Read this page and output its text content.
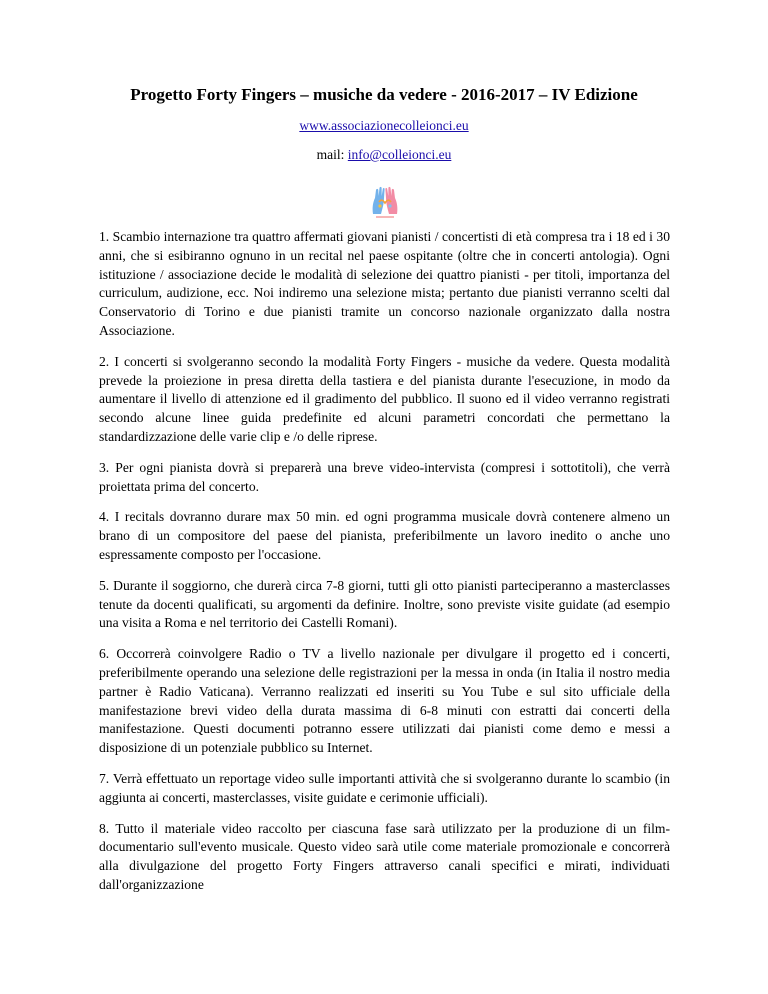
Progetto Forty Fingers – musiche da vedere - 2016-2017 – IV Edizione
www.associazionecolleionci.eu
mail: info@colleionci.eu

1. Scambio internazione tra quattro affermati giovani pianisti / concertisti di età compresa tra i 18 ed i 30 anni, che si esibiranno ognuno in un recital nel paese ospitante (oltre che in concerti antologia). Ogni istituzione / associazione decide le modalità di selezione dei quattro pianisti - per titoli, importanza del curriculum, audizione, ecc. Noi indiremo una selezione mista; pertanto due pianisti verranno scelti dal Conservatorio di Torino e due pianisti tramite un concorso nazionale organizzato dalla nostra Associazione.

2. I concerti si svolgeranno secondo la modalità Forty Fingers - musiche da vedere. Questa modalità prevede la proiezione in presa diretta della tastiera e del pianista durante l'esecuzione, in modo da aumentare il livello di attenzione ed il gradimento del pubblico. Il suono ed il video verranno registrati secondo alcune linee guida predefinite ed alcuni parametri concordati che permettano la standardizzazione delle varie clip e /o delle riprese.

3. Per ogni pianista dovrà si preparerà una breve video-intervista (compresi i sottotitoli), che verrà proiettata prima del concerto.

4. I recitals dovranno durare max 50 min. ed ogni programma musicale dovrà contenere almeno un brano di un compositore del paese del pianista, preferibilmente un lavoro inedito o anche uno espressamente composto per l'occasione.

5. Durante il soggiorno, che durerà circa 7-8 giorni, tutti gli otto pianisti parteciperanno a masterclasses tenute da docenti qualificati, su argomenti da definire. Inoltre, sono previste visite guidate (ad esempio una visita a Roma e nel territorio dei Castelli Romani).

6. Occorrerà coinvolgere Radio o TV a livello nazionale per divulgare il progetto ed i concerti, preferibilmente operando una selezione delle registrazioni per la messa in onda (in Italia il nostro media partner è Radio Vaticana). Verranno realizzati ed inseriti su You Tube e sul sito ufficiale della manifestazione brevi video della durata massima di 6-8 minuti con estratti dai concerti della manifestazione. Questi documenti potranno essere utilizzati dai pianisti come demo e messi a disposizione di un potenziale pubblico su Internet.

7. Verrà effettuato un reportage video sulle importanti attività che si svolgeranno durante lo scambio (in aggiunta ai concerti, masterclasses, visite guidate e cerimonie ufficiali).

8. Tutto il materiale video raccolto per ciascuna fase sarà utilizzato per la produzione di un film-documentario sull'evento musicale. Questo video sarà utile come materiale promozionale e concorrerà alla divulgazione del progetto Forty Fingers attraverso canali specifici e mirati, individuati dall'organizzazione
